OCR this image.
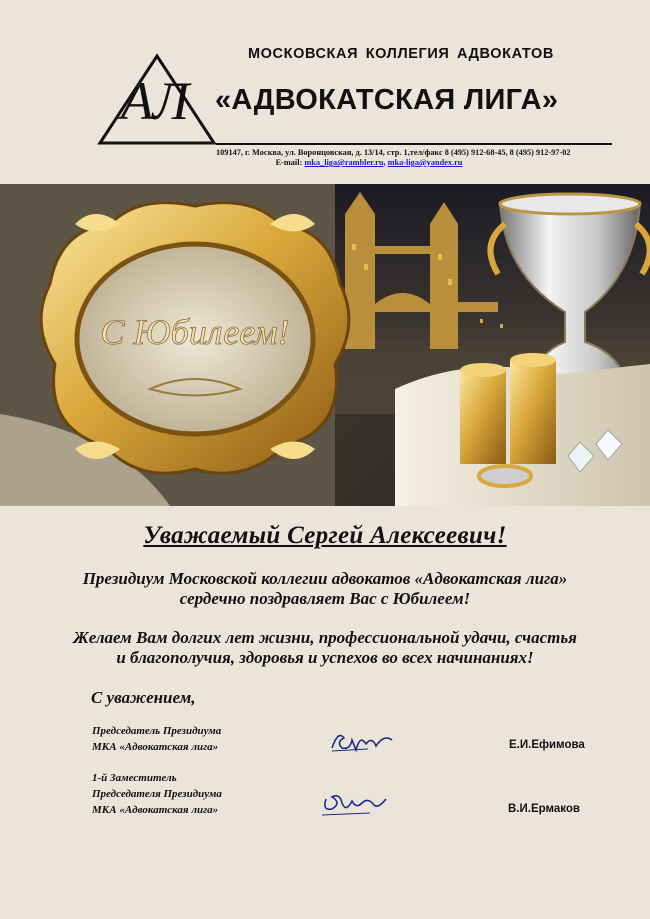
АЛ
МОСКОВСКАЯ КОЛЛЕГИЯ АДВОКАТОВ
«АДВОКАТСКАЯ ЛИГА»
109147, г. Москва, ул. Воронцовская, д. 13/14, стр. 1,тел/факс 8 (495) 912-68-45, 8 (495) 912-97-02
E-mail: mka_liga@rambler.ru, mka-liga@yandex.ru
С Юбилеем!
Уважаемый Сергей Алексеевич!
Президиум Московской коллегии адвокатов «Адвокатская лига»
сердечно поздравляет Вас с Юбилеем!
Желаем Вам долгих лет жизни, профессиональной удачи, счастья
и благополучия, здоровья и успехов во всех начинаниях!
С уважением,
Председатель Президиума
МКА «Адвокатская лига»	Е.И.Ефимова
1-й Заместитель
Председателя Президиума
МКА «Адвокатская лига»	В.И.Ермаков
